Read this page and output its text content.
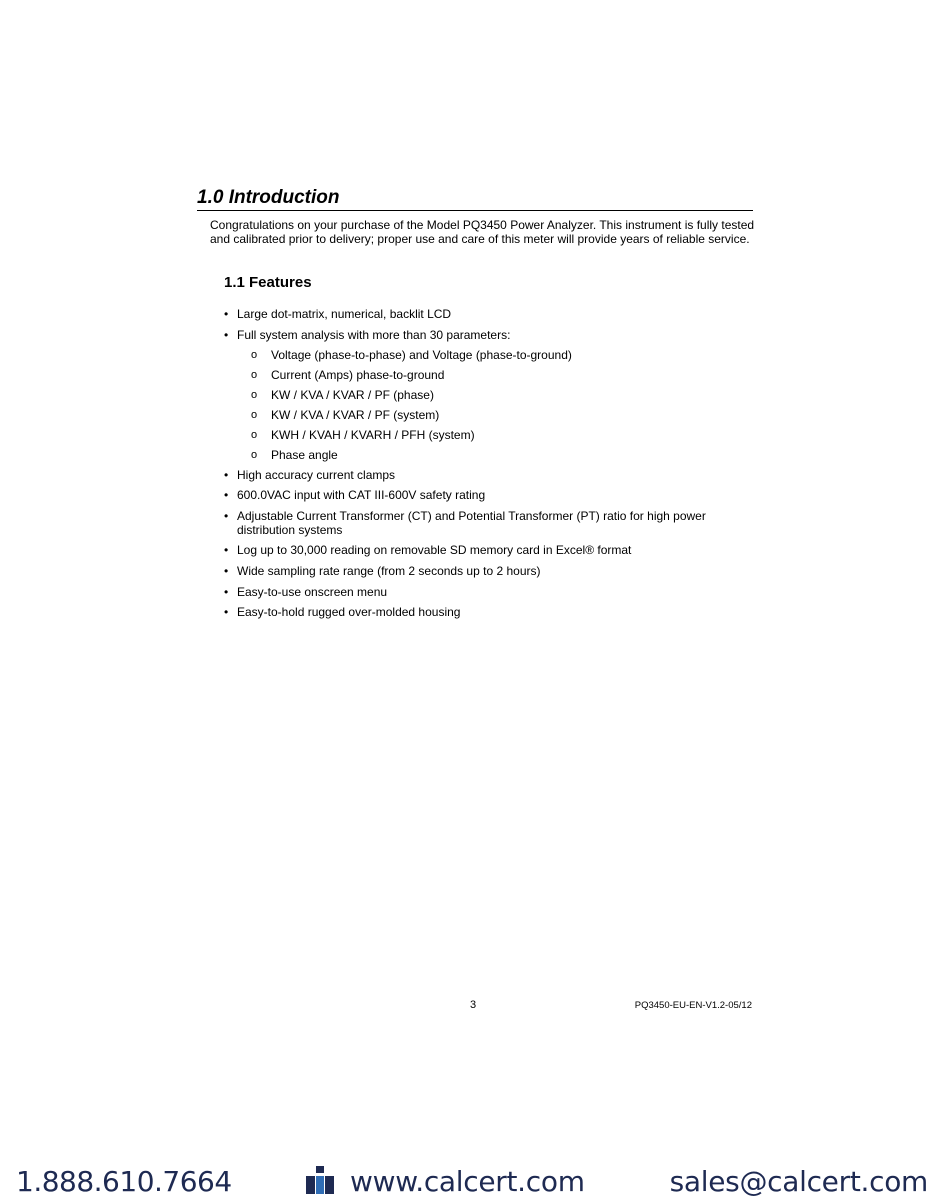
1.0 Introduction

Congratulations on your purchase of the Model PQ3450 Power Analyzer. This instrument is fully tested and calibrated prior to delivery; proper use and care of this meter will provide years of reliable service.

1.1 Features
• Large dot-matrix, numerical, backlit LCD
• Full system analysis with more than 30 parameters:
o Voltage (phase-to-phase) and Voltage (phase-to-ground)
o Current (Amps) phase-to-ground
o KW / KVA / KVAR / PF (phase)
o KW / KVA / KVAR / PF (system)
o KWH / KVAH / KVARH / PFH (system)
o Phase angle
• High accuracy current clamps
• 600.0VAC input with CAT III-600V safety rating
• Adjustable Current Transformer (CT) and Potential Transformer (PT) ratio for high power distribution systems
• Log up to 30,000 reading on removable SD memory card in Excel® format
• Wide sampling rate range (from 2 seconds up to 2 hours)
• Easy-to-use onscreen menu
• Easy-to-hold rugged over-molded housing
3	PQ3450-EU-EN-V1.2-05/12
1.888.610.7664	www.calcert.com	sales@calcert.com
